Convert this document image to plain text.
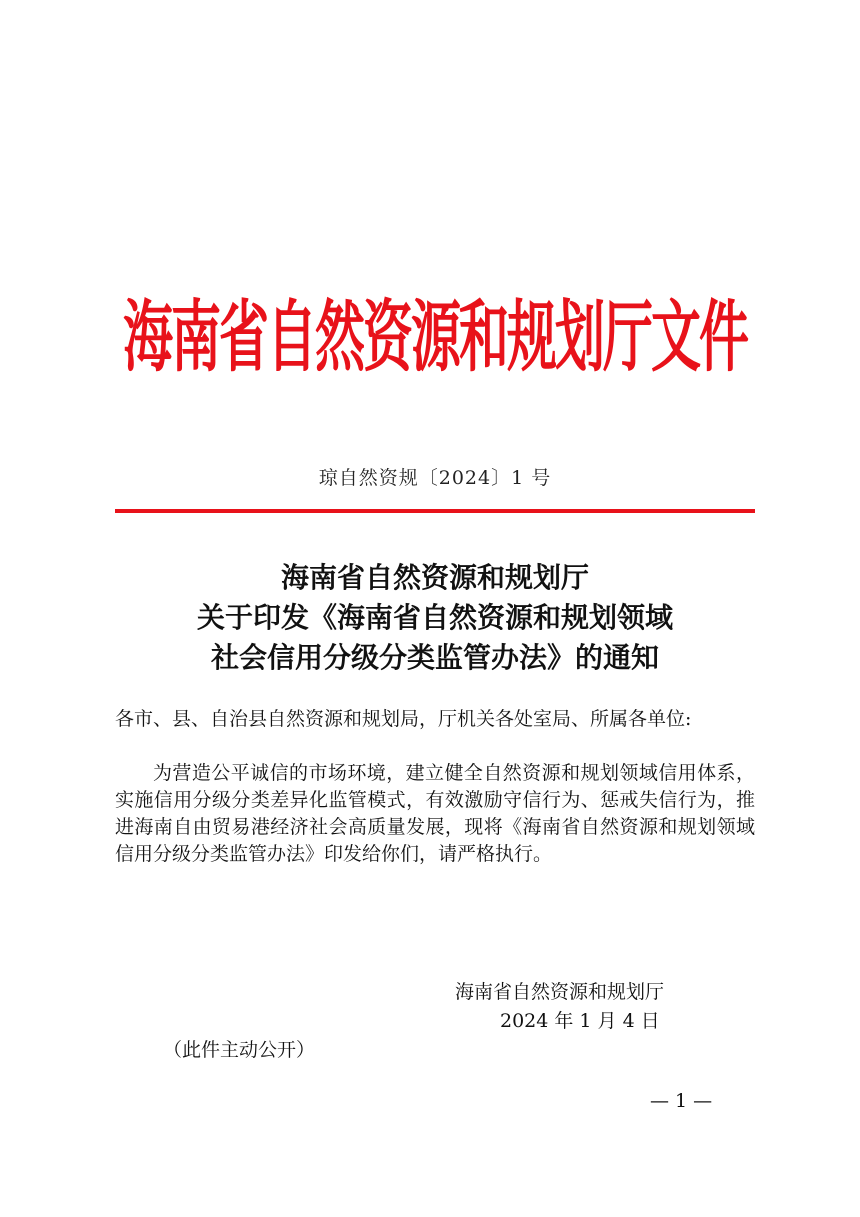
海南省自然资源和规划厅文件
琼自然资规〔2024〕1 号
海南省自然资源和规划厅
关于印发《海南省自然资源和规划领域
社会信用分级分类监管办法》的通知
各市、县、自治县自然资源和规划局，厅机关各处室局、所属各单位:
为营造公平诚信的市场环境，建立健全自然资源和规划领域信用体系，实施信用分级分类差异化监管模式，有效激励守信行为、惩戒失信行为，推进海南自由贸易港经济社会高质量发展，现将《海南省自然资源和规划领域信用分级分类监管办法》印发给你们，请严格执行。
海南省自然资源和规划厅
2024 年 1 月 4 日
（此件主动公开）
— 1 —
